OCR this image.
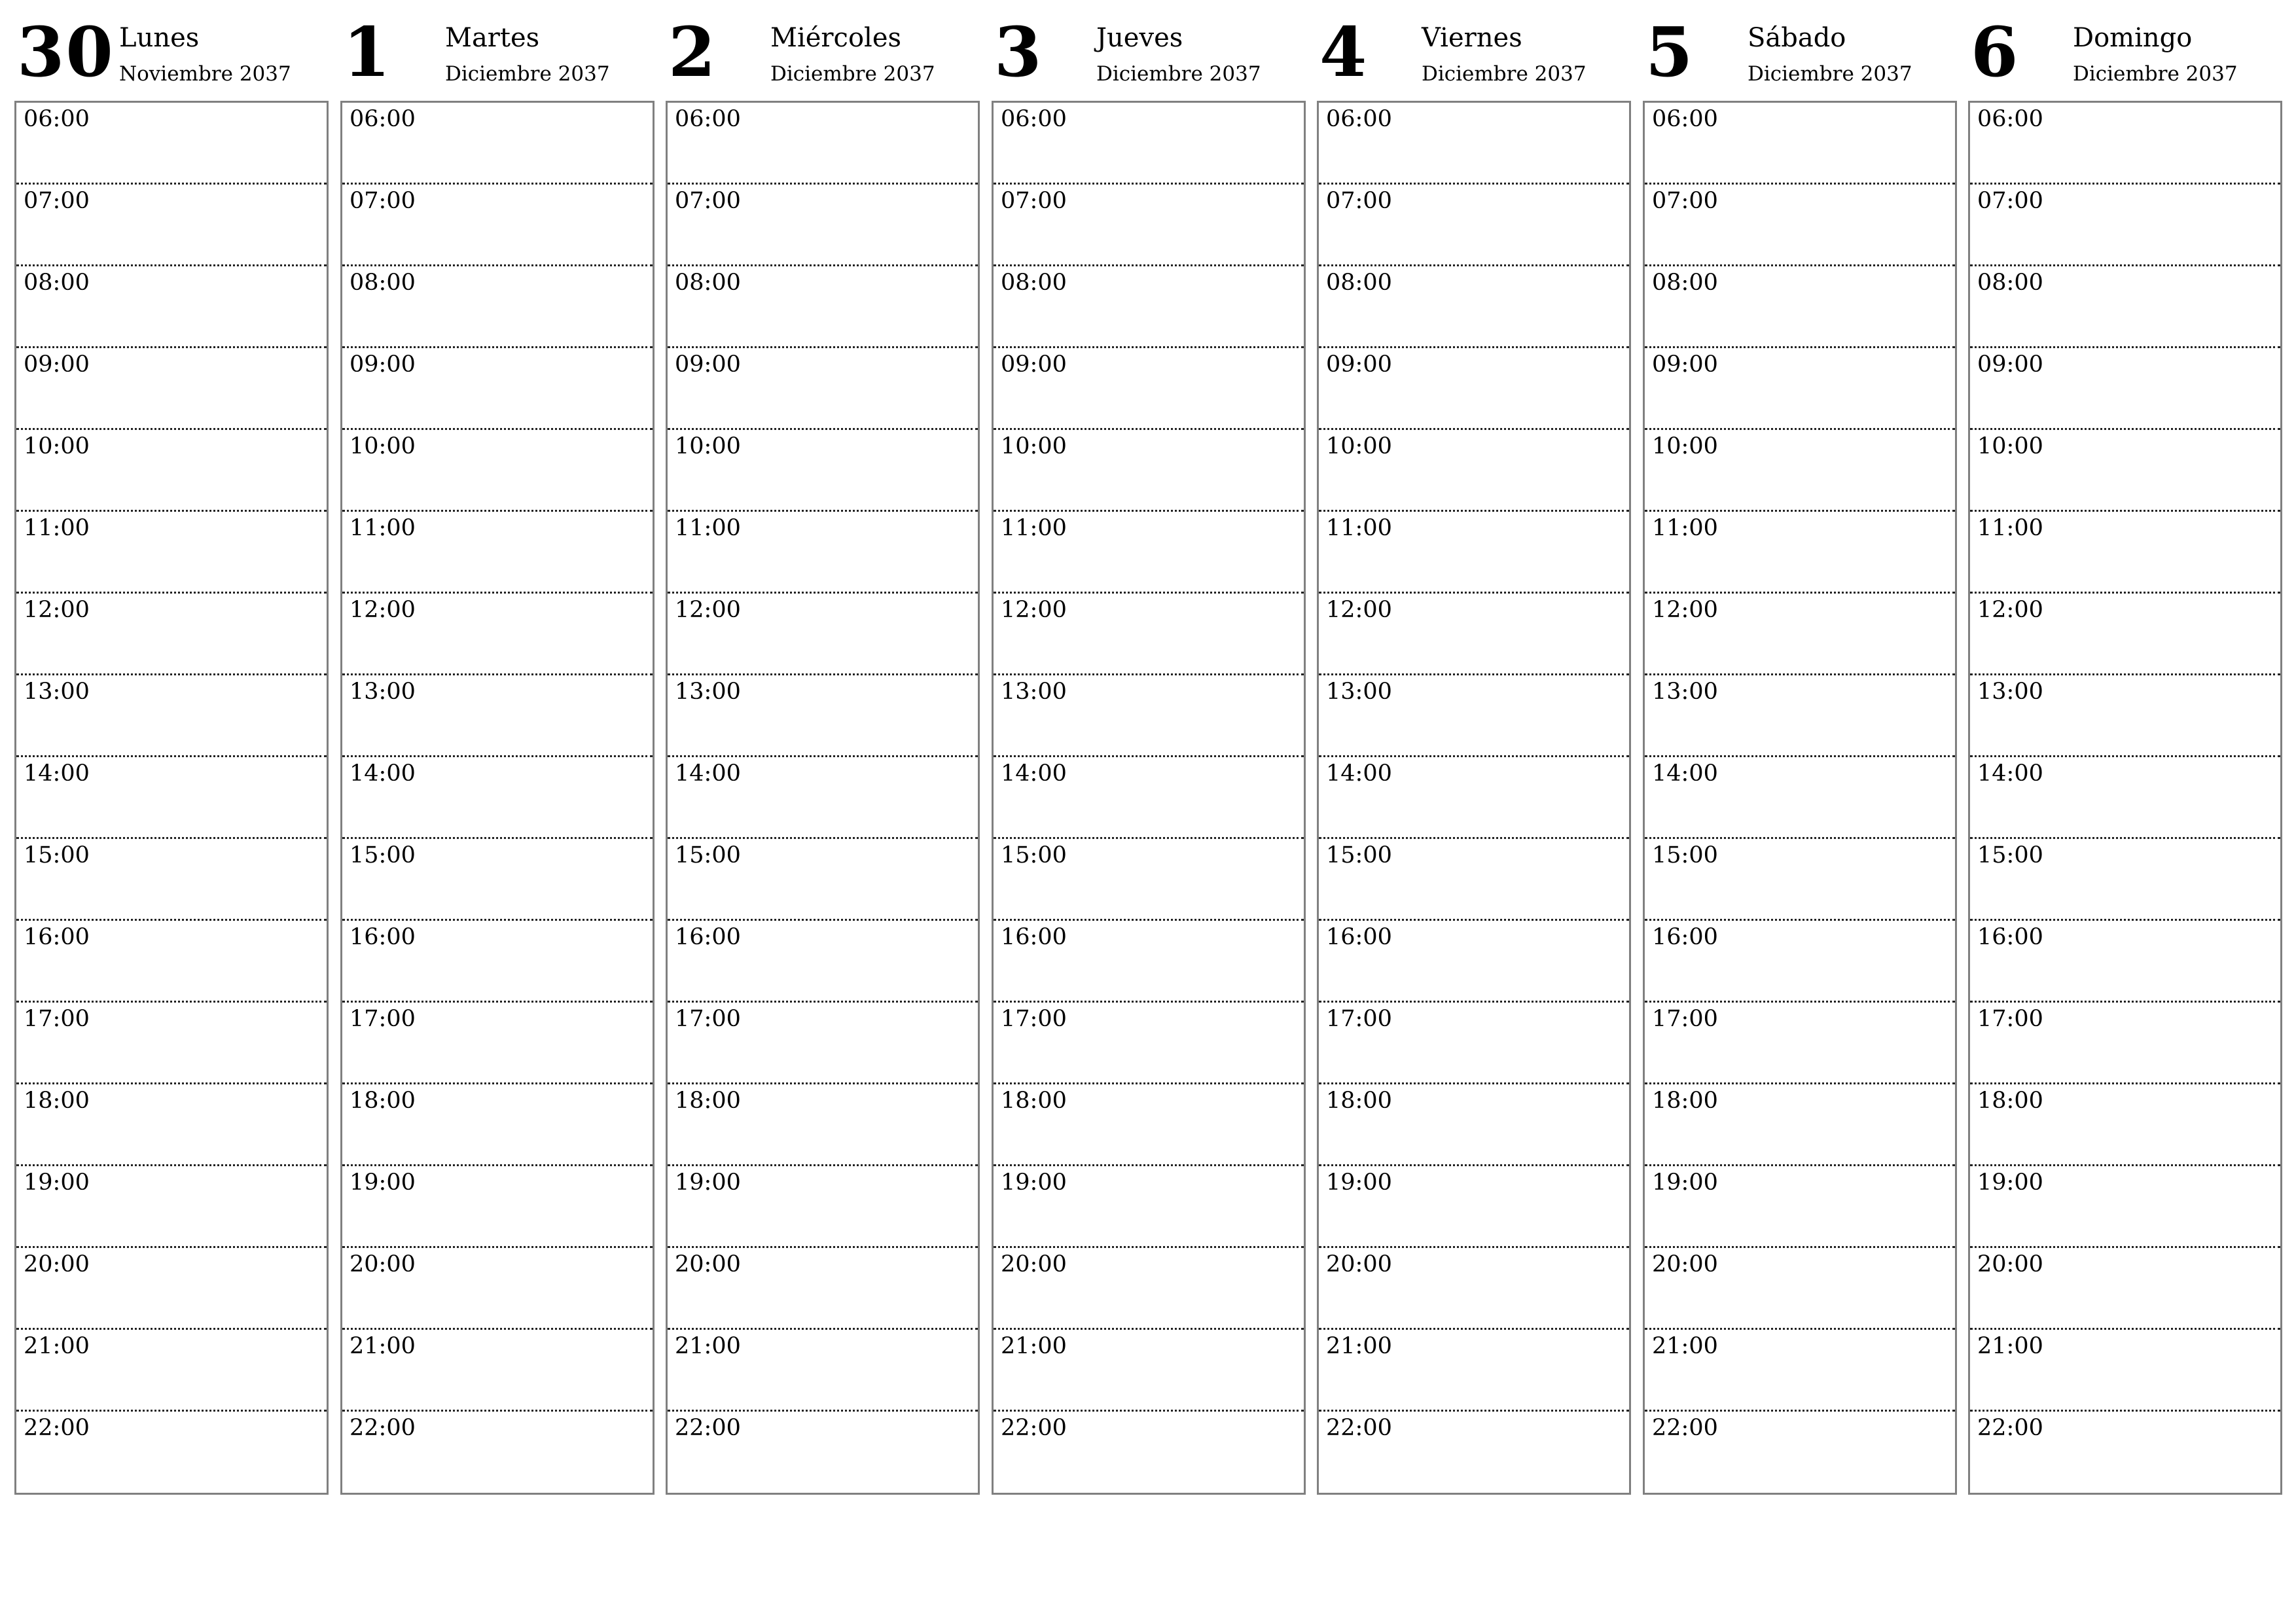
30 Lunes
Noviembre 2037
06:00
07:00
08:00
09:00
10:00
11:00
12:00
13:00
14:00
15:00
16:00
17:00
18:00
19:00
20:00
21:00
22:00
1 Martes
Diciembre 2037
06:00
07:00
08:00
09:00
10:00
11:00
12:00
13:00
14:00
15:00
16:00
17:00
18:00
19:00
20:00
21:00
22:00
2 Miércoles
Diciembre 2037
06:00
07:00
08:00
09:00
10:00
11:00
12:00
13:00
14:00
15:00
16:00
17:00
18:00
19:00
20:00
21:00
22:00
3 Jueves
Diciembre 2037
06:00
07:00
08:00
09:00
10:00
11:00
12:00
13:00
14:00
15:00
16:00
17:00
18:00
19:00
20:00
21:00
22:00
4 Viernes
Diciembre 2037
06:00
07:00
08:00
09:00
10:00
11:00
12:00
13:00
14:00
15:00
16:00
17:00
18:00
19:00
20:00
21:00
22:00
5 Sábado
Diciembre 2037
06:00
07:00
08:00
09:00
10:00
11:00
12:00
13:00
14:00
15:00
16:00
17:00
18:00
19:00
20:00
21:00
22:00
6 Domingo
Diciembre 2037
06:00
07:00
08:00
09:00
10:00
11:00
12:00
13:00
14:00
15:00
16:00
17:00
18:00
19:00
20:00
21:00
22:00
